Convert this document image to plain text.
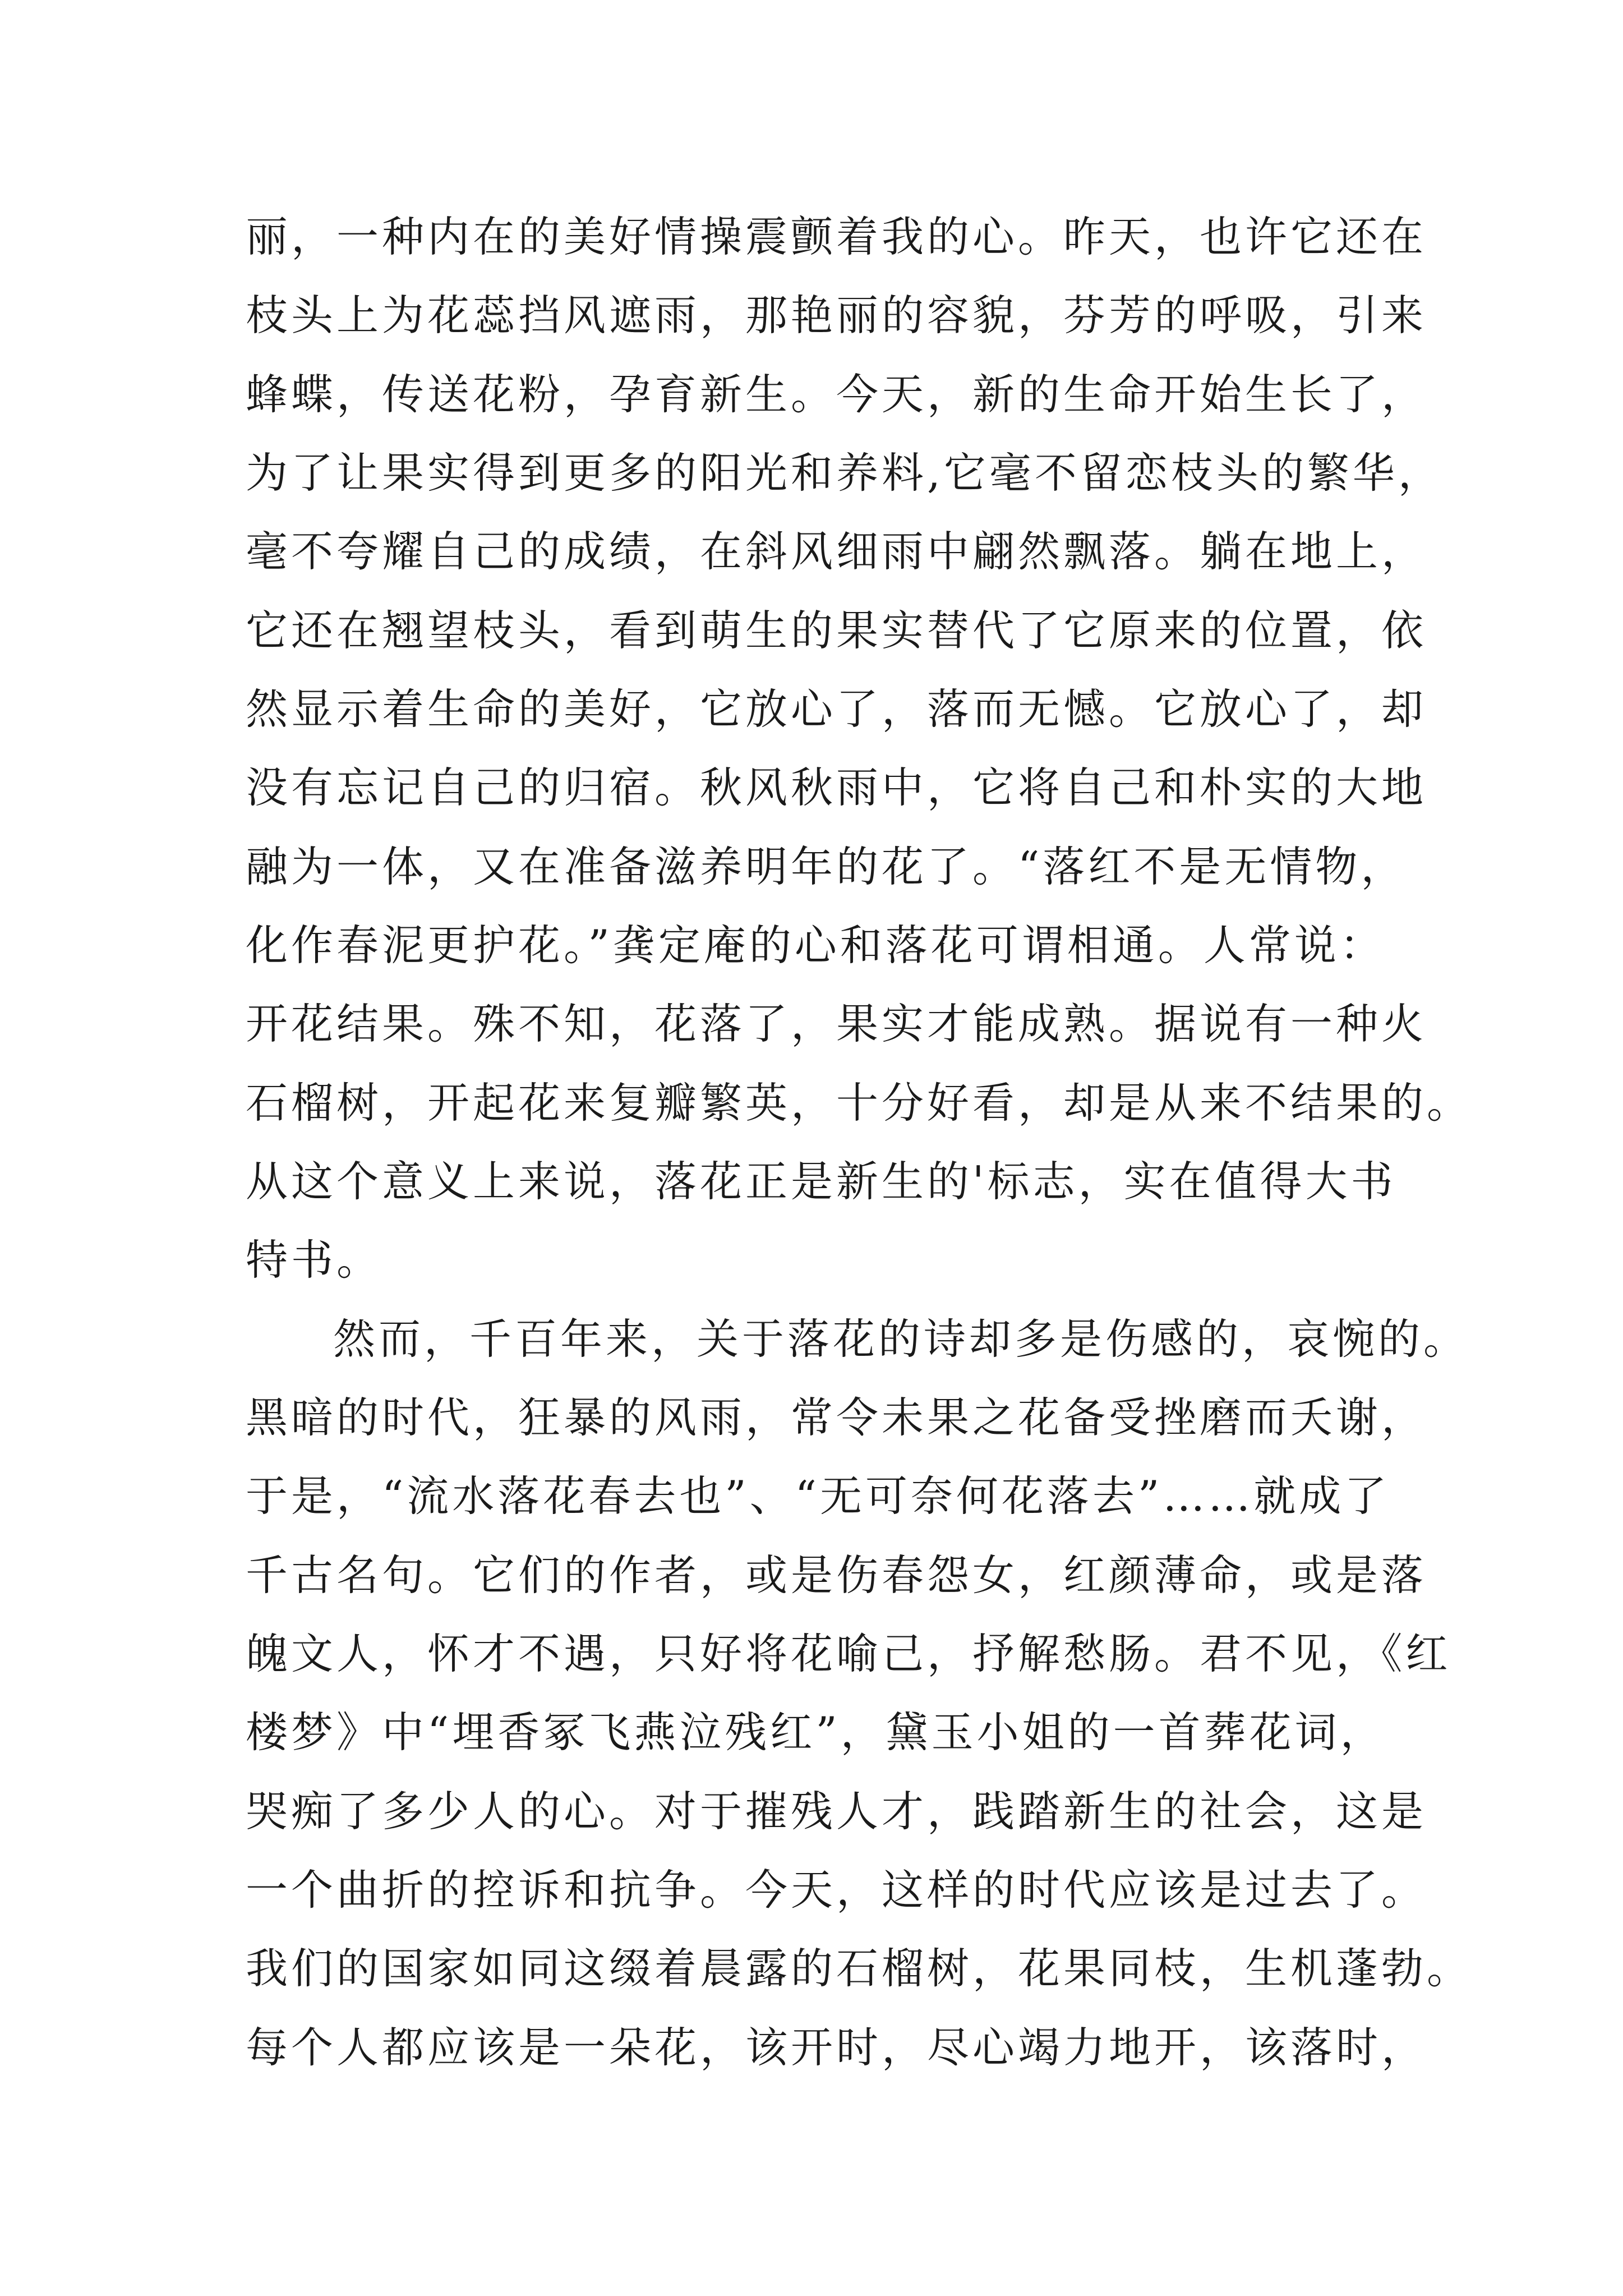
丽，一种内在的美好情操震颤着我的心。昨天，也许它还在
枝头上为花蕊挡风遮雨，那艳丽的容貌，芬芳的呼吸，引来
蜂蝶，传送花粉，孕育新生。今天，新的生命开始生长了，
为了让果实得到更多的阳光和养料,它毫不留恋枝头的繁华，
毫不夸耀自己的成绩，在斜风细雨中翩然飘落。躺在地上，
它还在翘望枝头，看到萌生的果实替代了它原来的位置，依
然显示着生命的美好，它放心了，落而无憾。它放心了，却
没有忘记自己的归宿。秋风秋雨中，它将自己和朴实的大地
融为一体，又在准备滋养明年的花了。“落红不是无情物，
化作春泥更护花。”龚定庵的心和落花可谓相通。人常说：
开花结果。殊不知，花落了，果实才能成熟。据说有一种火
石榴树，开起花来复瓣繁英，十分好看，却是从来不结果的。
从这个意义上来说，落花正是新生的'标志，实在值得大书
特书。
然而，千百年来，关于落花的诗却多是伤感的，哀惋的。
黑暗的时代，狂暴的风雨，常令未果之花备受挫磨而夭谢，
于是，“流水落花春去也”、“无可奈何花落去”……就成了
千古名句。它们的作者，或是伤春怨女，红颜薄命，或是落
魄文人，怀才不遇，只好将花喻己，抒解愁肠。君不见，《红
楼梦》中“埋香冢飞燕泣残红”，黛玉小姐的一首葬花词，
哭痴了多少人的心。对于摧残人才，践踏新生的社会，这是
一个曲折的控诉和抗争。今天，这样的时代应该是过去了。
我们的国家如同这缀着晨露的石榴树，花果同枝，生机蓬勃。
每个人都应该是一朵花，该开时，尽心竭力地开，该落时，
